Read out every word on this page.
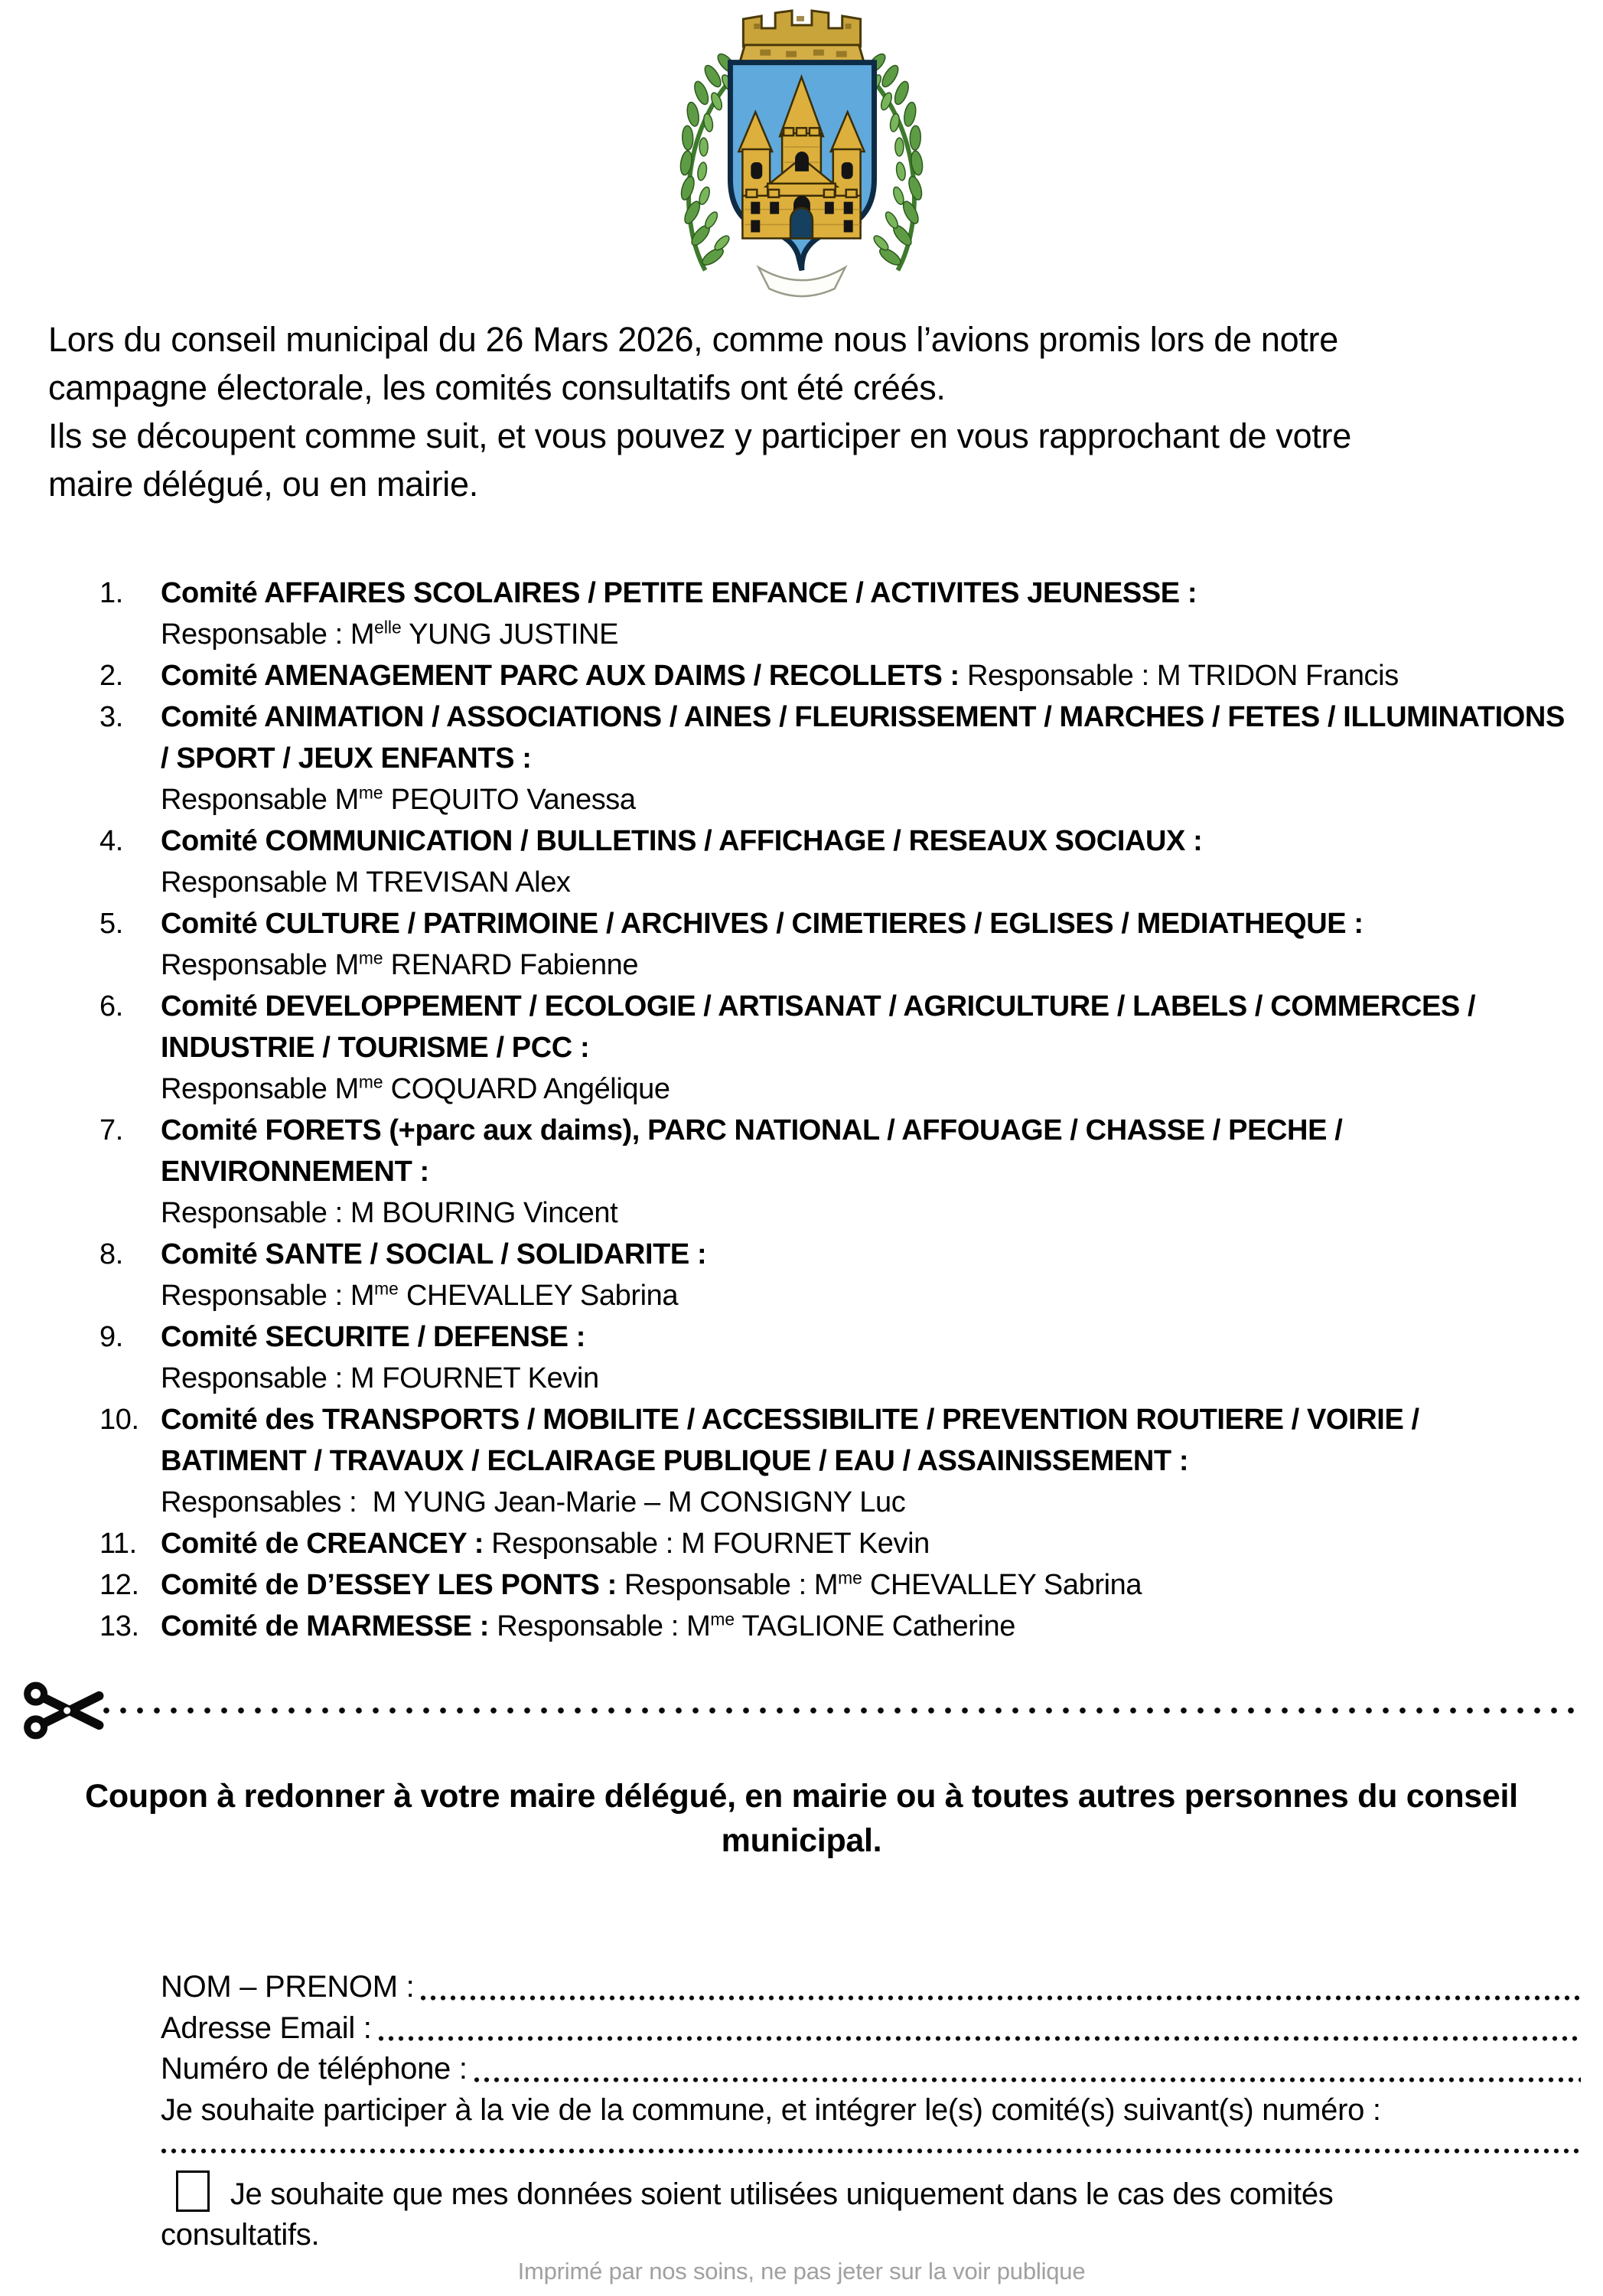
Lors du conseil municipal du 26 Mars 2026, comme nous l’avions promis lors de notre
campagne électorale, les comités consultatifs ont été créés.
Ils se découpent comme suit, et vous pouvez y participer en vous rapprochant de votre
maire délégué, ou en mairie.
1.	Comité AFFAIRES SCOLAIRES / PETITE ENFANCE / ACTIVITES JEUNESSE :
Responsable : $M^{elle}$ YUNG JUSTINE
2.	Comité AMENAGEMENT PARC AUX DAIMS / RECOLLETS : Responsable : M TRIDON Francis
3.	Comité ANIMATION / ASSOCIATIONS / AINES / FLEURISSEMENT / MARCHES / FETES / ILLUMINATIONS / SPORT / JEUX ENFANTS :
Responsable $M^{me}$ PEQUITO Vanessa
4.	Comité COMMUNICATION / BULLETINS / AFFICHAGE / RESEAUX SOCIAUX :
Responsable M TREVISAN Alex
5.	Comité CULTURE / PATRIMOINE / ARCHIVES / CIMETIERES / EGLISES / MEDIATHEQUE :
Responsable $M^{me}$ RENARD Fabienne
6.	Comité DEVELOPPEMENT / ECOLOGIE / ARTISANAT / AGRICULTURE / LABELS / COMMERCES / INDUSTRIE / TOURISME / PCC :
Responsable $M^{me}$ COQUARD Angélique
7.	Comité FORETS (+parc aux daims), PARC NATIONAL / AFFOUAGE / CHASSE / PECHE / ENVIRONNEMENT :
Responsable : M BOURING Vincent
8.	Comité SANTE / SOCIAL / SOLIDARITE :
Responsable : $M^{me}$ CHEVALLEY Sabrina
9.	Comité SECURITE / DEFENSE :
Responsable : M FOURNET Kevin
10. Comité des TRANSPORTS / MOBILITE / ACCESSIBILITE / PREVENTION ROUTIERE / VOIRIE / BATIMENT / TRAVAUX / ECLAIRAGE PUBLIQUE / EAU / ASSAINISSEMENT :
Responsables :  M YUNG Jean-Marie – M CONSIGNY Luc
11. Comité de CREANCEY : Responsable : M FOURNET Kevin
12. Comité de D’ESSEY LES PONTS : Responsable : $M^{me}$ CHEVALLEY Sabrina
13. Comité de MARMESSE : Responsable : $M^{me}$ TAGLIONE Catherine
Coupon à redonner à votre maire délégué, en mairie ou à toutes autres personnes du conseil
municipal.
NOM – PRENOM :
Adresse Email :
Numéro de téléphone :
Je souhaite participer à la vie de la commune, et intégrer le(s) comité(s) suivant(s) numéro :
Je souhaite que mes données soient utilisées uniquement dans le cas des comités
consultatifs.
Imprimé par nos soins, ne pas jeter sur la voir publique
